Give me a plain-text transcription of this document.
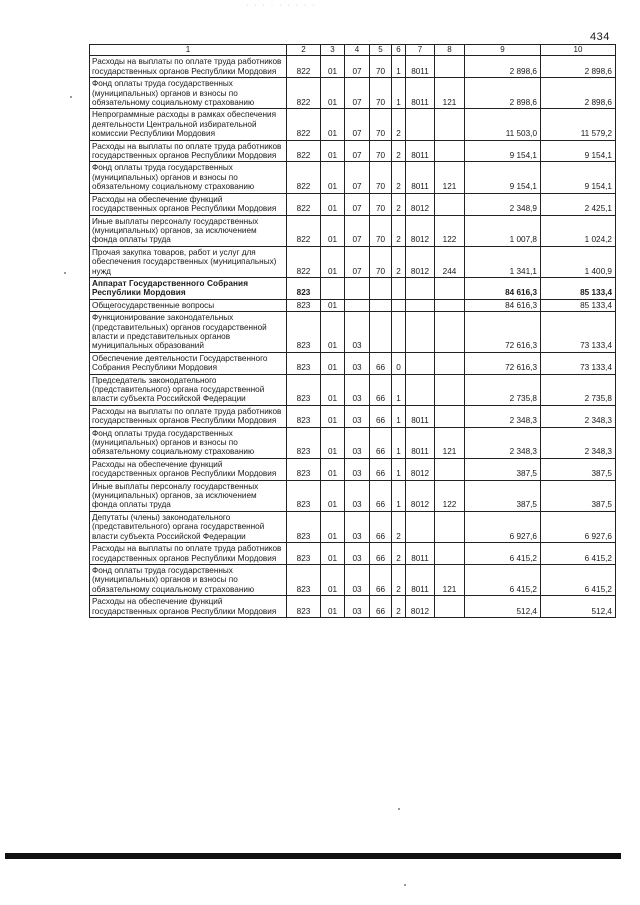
· · · · · · · · ·
434
1	2	3	4	5	6	7	8	9	10
Расходы на выплаты по оплате труда работников государственных органов Республики Мордовия	822	01	07	70	1	8011		2 898,6	2 898,6
Фонд оплаты труда государственных (муниципальных) органов и взносы по обязательному социальному страхованию	822	01	07	70	1	8011	121	2 898,6	2 898,6
Непрограммные расходы в рамках обеспечения деятельности Центральной избирательной комиссии Республики Мордовия	822	01	07	70	2			11 503,0	11 579,2
Расходы на выплаты по оплате труда работников государственных органов Республики Мордовия	822	01	07	70	2	8011		9 154,1	9 154,1
Фонд оплаты труда государственных (муниципальных) органов и взносы по обязательному социальному страхованию	822	01	07	70	2	8011	121	9 154,1	9 154,1
Расходы на обеспечение функций государственных органов Республики Мордовия	822	01	07	70	2	8012		2 348,9	2 425,1
Иные выплаты персоналу государственных (муниципальных) органов, за исключением фонда оплаты труда	822	01	07	70	2	8012	122	1 007,8	1 024,2
Прочая закупка товаров, работ и услуг для обеспечения государственных (муниципальных) нужд	822	01	07	70	2	8012	244	1 341,1	1 400,9
Аппарат Государственного Собрания Республики Мордовия	823							84 616,3	85 133,4
Общегосударственные вопросы	823	01						84 616,3	85 133,4
Функционирование законодательных (представительных) органов государственной власти и представительных органов муниципальных образований	823	01	03					72 616,3	73 133,4
Обеспечение деятельности Государственного Собрания Республики Мордовия	823	01	03	66	0			72 616,3	73 133,4
Председатель законодательного (представительного) органа государственной власти субъекта Российской Федерации	823	01	03	66	1			2 735,8	2 735,8
Расходы на выплаты по оплате труда работников государственных органов Республики Мордовия	823	01	03	66	1	8011		2 348,3	2 348,3
Фонд оплаты труда государственных (муниципальных) органов и взносы по обязательному социальному страхованию	823	01	03	66	1	8011	121	2 348,3	2 348,3
Расходы на обеспечение функций государственных органов Республики Мордовия	823	01	03	66	1	8012		387,5	387,5
Иные выплаты персоналу государственных (муниципальных) органов, за исключением фонда оплаты труда	823	01	03	66	1	8012	122	387,5	387,5
Депутаты (члены) законодательного (представительного) органа государственной власти субъекта Российской Федерации	823	01	03	66	2			6 927,6	6 927,6
Расходы на выплаты по оплате труда работников государственных органов Республики Мордовия	823	01	03	66	2	8011		6 415,2	6 415,2
Фонд оплаты труда государственных (муниципальных) органов и взносы по обязательному социальному страхованию	823	01	03	66	2	8011	121	6 415,2	6 415,2
Расходы на обеспечение функций государственных органов Республики Мордовия	823	01	03	66	2	8012		512,4	512,4
